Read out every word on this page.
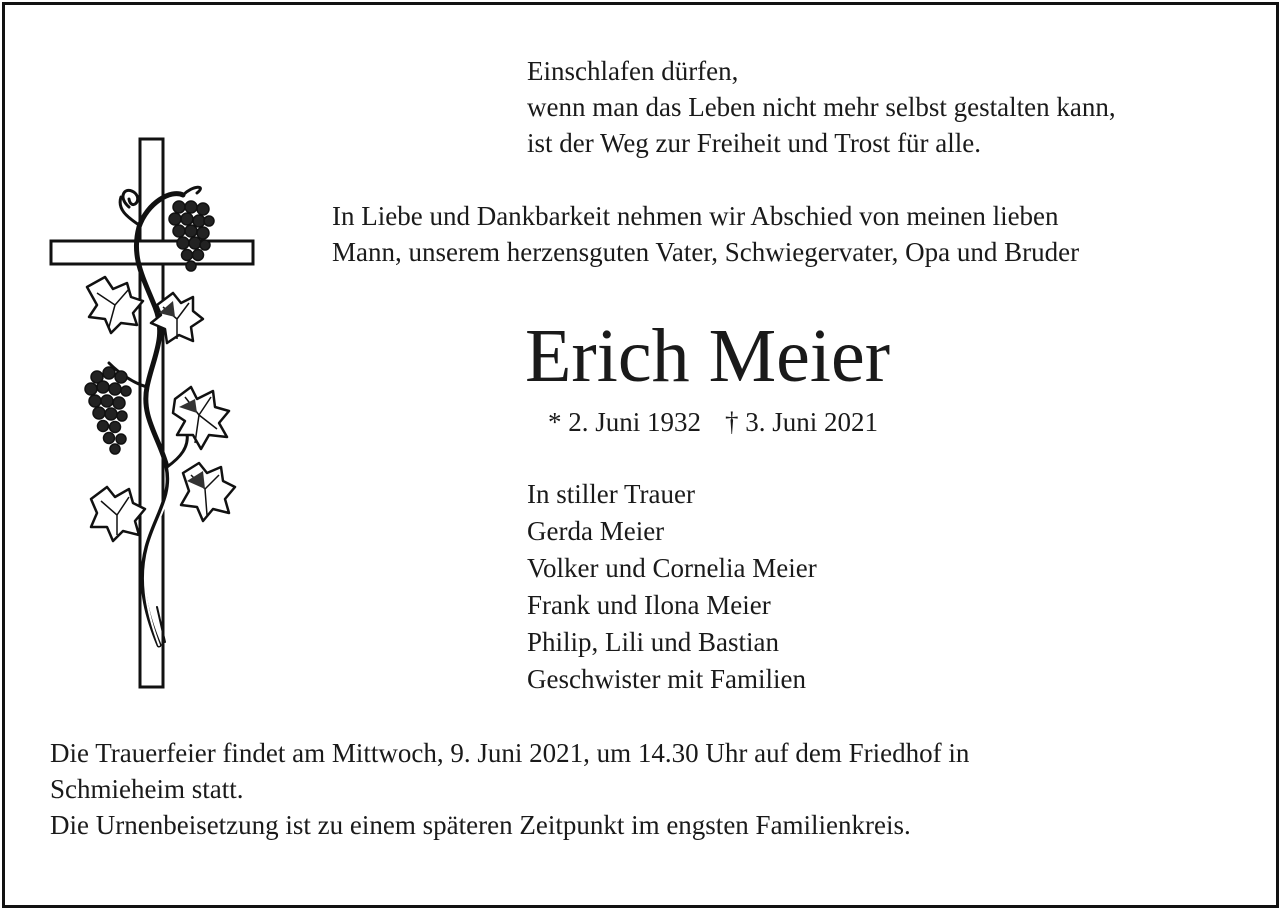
Einschlafen dürfen,
wenn man das Leben nicht mehr selbst gestalten kann,
ist der Weg zur Freiheit und Trost für alle.
In Liebe und Dankbarkeit nehmen wir Abschied von meinen lieben
Mann, unserem herzensguten Vater, Schwiegervater, Opa und Bruder
Erich Meier
* 2. Juni 1932 † 3. Juni 2021
In stiller Trauer
Gerda Meier
Volker und Cornelia Meier
Frank und Ilona Meier
Philip, Lili und Bastian
Geschwister mit Familien
Die Trauerfeier findet am Mittwoch, 9. Juni 2021, um 14.30 Uhr auf dem Friedhof in
Schmieheim statt.
Die Urnenbeisetzung ist zu einem späteren Zeitpunkt im engsten Familienkreis.
